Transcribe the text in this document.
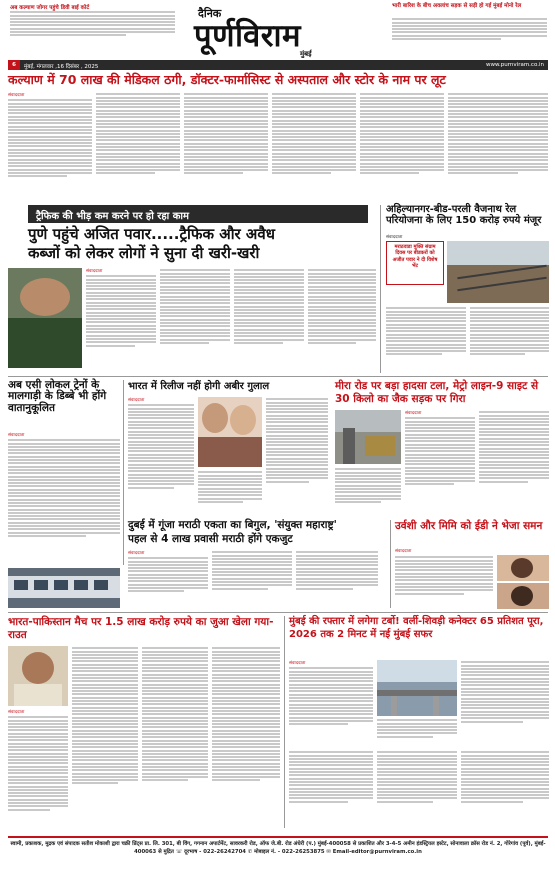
अब कल्याण जोगर पहुंचे डिवी बाई कोर्ट	दैनिक
पूर्णविराम
मुंबई
भारी बारिश के बीच अवलांच सड़क से सड़ी हो गई मुंबई मोनो रेल
6	मुंबई, मंगलवार ,16 दिसंबर , 2025	www.purnviram.co.in
कल्याण में 70 लाख की मेडिकल ठगी, डॉक्टर-फार्मासिस्ट से अस्पताल और स्टोर के नाम पर लूट
संवाददाता
ट्रैफिक की भीड़ कम करने पर हो रहा काम
पुणे पहुंचे अजित पवार.....ट्रैफिक और अवैध
कब्जों को लेकर लोगों ने सुना दी खरी-खरी
संवाददाता
अहिल्यानगर-बीड-परली वैजनाथ रेल परियोजना के लिए 150 करोड़ रुपये मंजूर
संवाददाता
मराठवाडा मुक्ति संग्राम दिवस पर बीडकरों को अजीत पवार ने दी विशेष भेंट
अब एसी लोकल ट्रेनों के मालगाड़ी के डिब्बे भी होंगे वातानुकूलित
संवाददाता
भारत में रिलीज नहीं होगी अबीर गुलाल
संवाददाता
मीरा रोड पर बड़ा हादसा टला, मेट्रो लाइन-9 साइट से 30 किलो का जैक सड़क पर गिरा
संवाददाता
दुबई में गूंजा मराठी एकता का बिगुल, 'संयुक्त महाराष्ट्र'
पहल से 4 लाख प्रवासी मराठी होंगे एकजुट
संवाददाता
उर्वशी और मिमि को ईडी ने भेजा समन
संवाददाता
भारत-पाकिस्तान मैच पर 1.5 लाख करोड़ रुपये का जुआ खेला गया- राउत
संवाददाता
मुंबई की रफ्तार में लगेगा टर्बो! वर्ली-शिवड़ी कनेक्टर 65 प्रतिशत पूरा, 2026 तक 2 मिनट में नई मुंबई सफर
संवाददाता
स्वामी, प्रकाशक, मुद्रक एवं संपादक सतीश मोकाशी द्वारा चक्री प्रिंट्स प्रा. लि. 301, बी विंग, गगनान अपार्टमेंट, सावरकरी रोड, ऑफ जे.बी. रोड अंधेरी (प.) मुंबई-400058 से प्रकाशित और 3-4-5 अमीन इंडस्ट्रियल इस्टेट, सोनावाला क्रॉस रोड नं. 2, गोरेगांव (पूर्व), मुंबई- 400063 से मुद्रित ☏ दूरभाष - 022-26242704 ✆ मोबाइल नं. - 022-26253875 ✉ Email-editor@purnviram.co.in
